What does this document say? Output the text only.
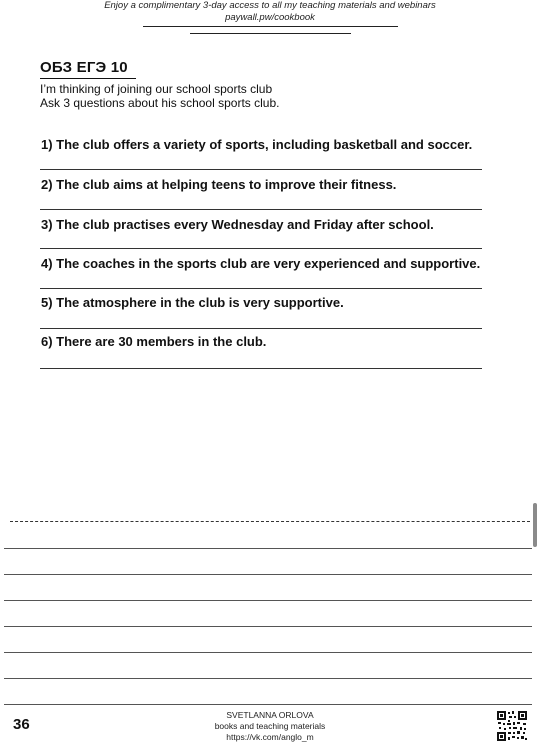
Enjoy a complimentary 3-day access to all my teaching materials and webinars
paywall.pw/cookbook
ОБЗ ЕГЭ 10
I’m thinking of joining our school sports club
Ask 3 questions about his school sports club.
1) The club offers a variety of sports, including basketball and soccer.
2) The club aims at helping teens to improve their fitness.
3) The club practises every Wednesday and Friday after school.
4) The coaches in the sports club are very experienced and supportive.
5) The atmosphere in the club is very supportive.
6) There are 30 members in the club.
36
SVETLANNA ORLOVA
books and teaching materials
https://vk.com/anglo_m
